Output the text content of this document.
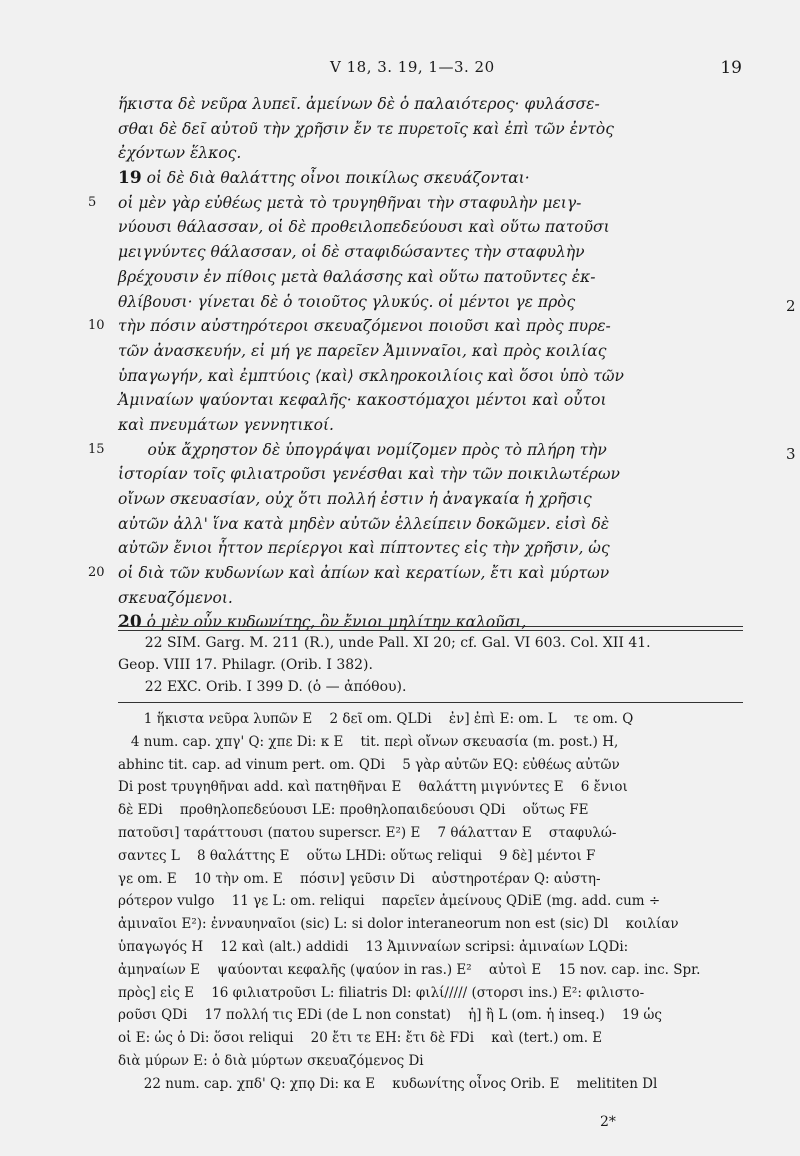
V 18, 3. 19, 1—3. 20	19
ἥκιστα δὲ νεῦρα λυπεῖ. ἀμείνων δὲ ὁ παλαιότερος· φυλάσσε-
σθαι δὲ δεῖ αὐτοῦ τὴν χρῆσιν ἔν τε πυρετοῖς καὶ ἐπὶ τῶν ἐντὸς
ἐχόντων ἕλκος.
19 οἱ δὲ διὰ θαλάττης οἶνοι ποικίλως σκευάζονται·
5 οἱ μὲν γὰρ εὐθέως μετὰ τὸ τρυγηθῆναι τὴν σταφυλὴν μειγ-
νύουσι θάλασσαν, οἱ δὲ προθειλοπεδεύουσι καὶ οὕτω πατοῦσι
μειγνύντες θάλασσαν, οἱ δὲ σταφιδώσαντες τὴν σταφυλὴν
βρέχουσιν ἐν πίθοις μετὰ θαλάσσης καὶ οὕτω πατοῦντες ἐκ-
θλίβουσι· γίνεται δὲ ὁ τοιοῦτος γλυκύς. οἱ μέντοι γε πρὸς	2
10 τὴν πόσιν αὐστηρότεροι σκευαζόμενοι ποιοῦσι καὶ πρὸς πυρε-
τῶν ἀνασκευήν, εἰ μή γε παρεῖεν Ἀμινναῖοι, καὶ πρὸς κοιλίας
ὑπαγωγήν, καὶ ἐμπτύοις ⟨καὶ⟩ σκληροκοιλίοις καὶ ὅσοι ὑπὸ τῶν
Ἀμιναίων ψαύονται κεφαλῆς· κακοστόμαχοι μέντοι καὶ οὗτοι
καὶ πνευμάτων γεννητικοί.
15 οὐκ ἄχρηστον δὲ ὑπογράψαι νομίζομεν πρὸς τὸ πλήρη τὴν	3
ἱστορίαν τοῖς φιλιατροῦσι γενέσθαι καὶ τὴν τῶν ποικιλωτέρων
οἴνων σκευασίαν, οὐχ ὅτι πολλή ἐστιν ἡ ἀναγκαία ἡ χρῆσις
αὐτῶν ἀλλ' ἵνα κατὰ μηδὲν αὐτῶν ἐλλείπειν δοκῶμεν. εἰσὶ δὲ
αὐτῶν ἔνιοι ἧττον περίεργοι καὶ πίπτοντες εἰς τὴν χρῆσιν, ὡς
20 οἱ διὰ τῶν κυδωνίων καὶ ἀπίων καὶ κερατίων, ἔτι καὶ μύρτων
σκευαζόμενοι.
20 ὁ μὲν οὖν κυδωνίτης, ὃν ἔνιοι μηλίτην καλοῦσι,
22 SIM. Garg. M. 211 (R.), unde Pall. XI 20; cf. Gal. VI 603. Col. XII 41.
Geop. VIII 17. Philagr. (Orib. I 382).
22 EXC. Orib. I 399 D. (ὁ — ἀπόθου).
1 ἥκιστα νεῦρα λυπῶν E    2 δεῖ om. QLDi    ἐν] ἐπὶ E: om. L    τε om. Q
4 num. cap. χπγ' Q: χπε Di: κ E    tit. περὶ οἴνων σκευασία (m. post.) H,
abhinc tit. cap. ad vinum pert. om. QDi    5 γὰρ αὐτῶν EQ: εὐθέως αὐτῶν
Di post τρυγηθῆναι add. καὶ πατηθῆναι E    θαλάττη μιγνύντες E    6 ἔνιοι
δὲ EDi    προθηλοπεδεύουσι LE: προθηλοπαιδεύουσι QDi    οὕτως FE
πατοῦσι] ταράττουσι (πατου superscr. E²) E    7 θάλατταν E    σταφυλώ-
σαντες L    8 θαλάττης E    οὕτω LHDi: οὕτως reliqui    9 δὲ] μέντοι F
γε om. E    10 τὴν om. E    πόσιν] γεῦσιν Di    αὐστηροτέραν Q: αὐστη-
ρότερον vulgo    11 γε L: om. reliqui    παρεῖεν ἀμείνους QDiE (mg. add. cum ÷
ἀμιναῖοι E²): ἐνναυηναῖοι (sic) L: si dolor interaneorum non est (sic) Dl    κοιλίαν
ὑπαγωγός H    12 καὶ (alt.) addidi    13 Ἀμινναίων scripsi: ἀμιναίων LQDi:
ἀμηναίων E    ψαύονται κεφαλῆς (ψαύον in ras.) E²    αὐτοὶ E    15 nov. cap. inc. Spr.
πρὸς] εἰς E    16 φιλιατροῦσι L: filiatris Dl: φιλί///// (στορσι ins.) E²: φιλιστο-
ροῦσι QDi    17 πολλή τις EDi (de L non constat)    ἡ] ἢ L (om. ἡ inseq.)    19 ὡς
οἱ E: ὡς ὁ Di: ὅσοι reliqui    20 ἔτι τε EH: ἔτι δὲ FDi    καὶ (tert.) om. E
διὰ μύρων E: ὁ διὰ μύρτων σκευαζόμενος Di
22 num. cap. χπδ' Q: χπϙ Di: κα E    κυδωνίτης οἶνος Orib. E    melititen Dl
2*
